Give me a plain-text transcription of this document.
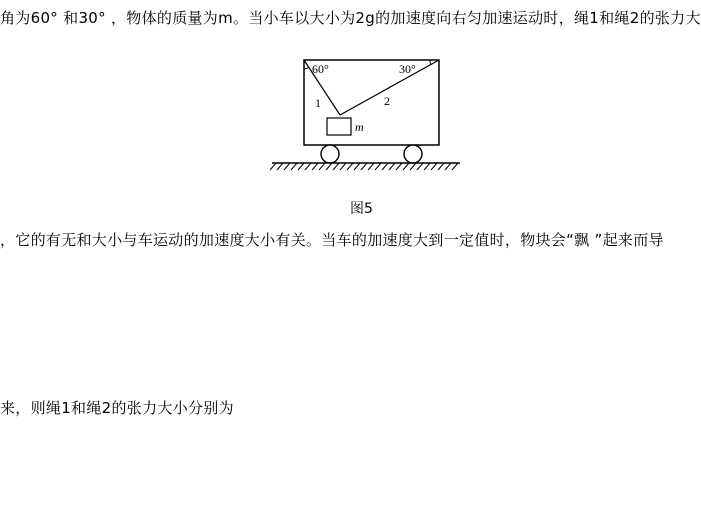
角为60° 和30° ，物体的质量为m。当小车以大小为2g的加速度向右匀加速运动时，绳1和绳2的张力大
60°	30°
1	2
m
图5
，它的有无和大小与车运动的加速度大小有关。当车的加速度大到一定值时，物块会“飘 ”起来而导
来，则绳1和绳2的张力大小分别为
